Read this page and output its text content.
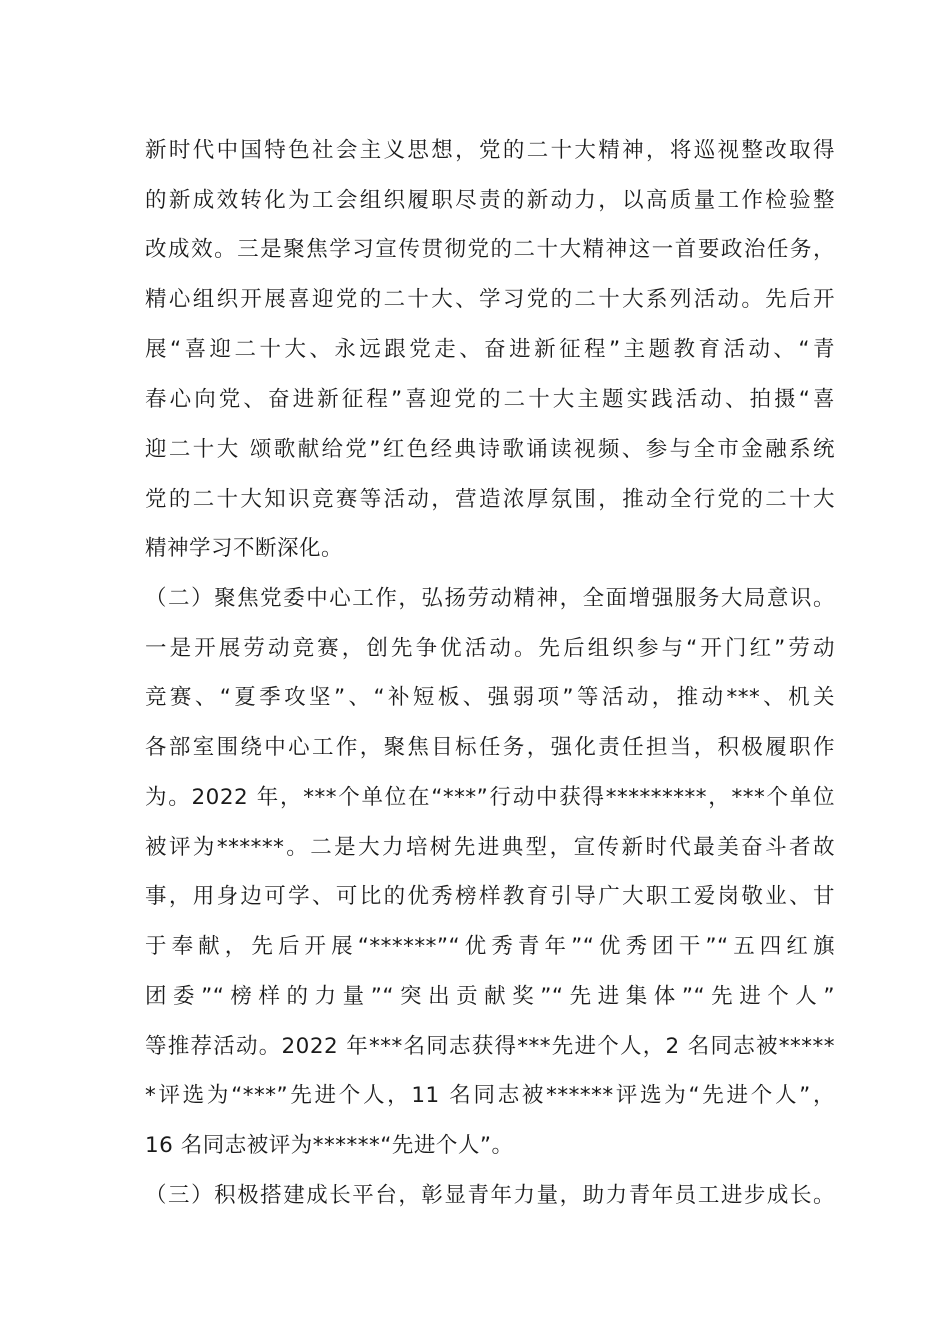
新时代中国特色社会主义思想，党的二十大精神，将巡视整改取得
的新成效转化为工会组织履职尽责的新动力，以高质量工作检验整
改成效。三是聚焦学习宣传贯彻党的二十大精神这一首要政治任务，
精心组织开展喜迎党的二十大、学习党的二十大系列活动。先后开
展“喜迎二十大、永远跟党走、奋进新征程”主题教育活动、“青
春心向党、奋进新征程”喜迎党的二十大主题实践活动、拍摄“喜
迎二十大 颂歌献给党”红色经典诗歌诵读视频、参与全市金融系统
党的二十大知识竞赛等活动，营造浓厚氛围，推动全行党的二十大
精神学习不断深化。
（二）聚焦党委中心工作，弘扬劳动精神，全面增强服务大局意识。
一是开展劳动竞赛，创先争优活动。先后组织参与“开门红”劳动
竞赛、“夏季攻坚”、“补短板、强弱项”等活动，推动***、机关
各部室围绕中心工作，聚焦目标任务，强化责任担当，积极履职作
为。2022 年，***个单位在“***”行动中获得*********，***个单位
被评为******。二是大力培树先进典型，宣传新时代最美奋斗者故
事，用身边可学、可比的优秀榜样教育引导广大职工爱岗敬业、甘
于奉献，先后开展“******”“优秀青年”“优秀团干”“五四红旗
团委”“榜样的力量”“突出贡献奖”“先进集体”“先进个人”
等推荐活动。2022 年***名同志获得***先进个人，2 名同志被*****
*评选为“***”先进个人，11 名同志被******评选为“先进个人”，
16 名同志被评为******“先进个人”。
（三）积极搭建成长平台，彰显青年力量，助力青年员工进步成长。
